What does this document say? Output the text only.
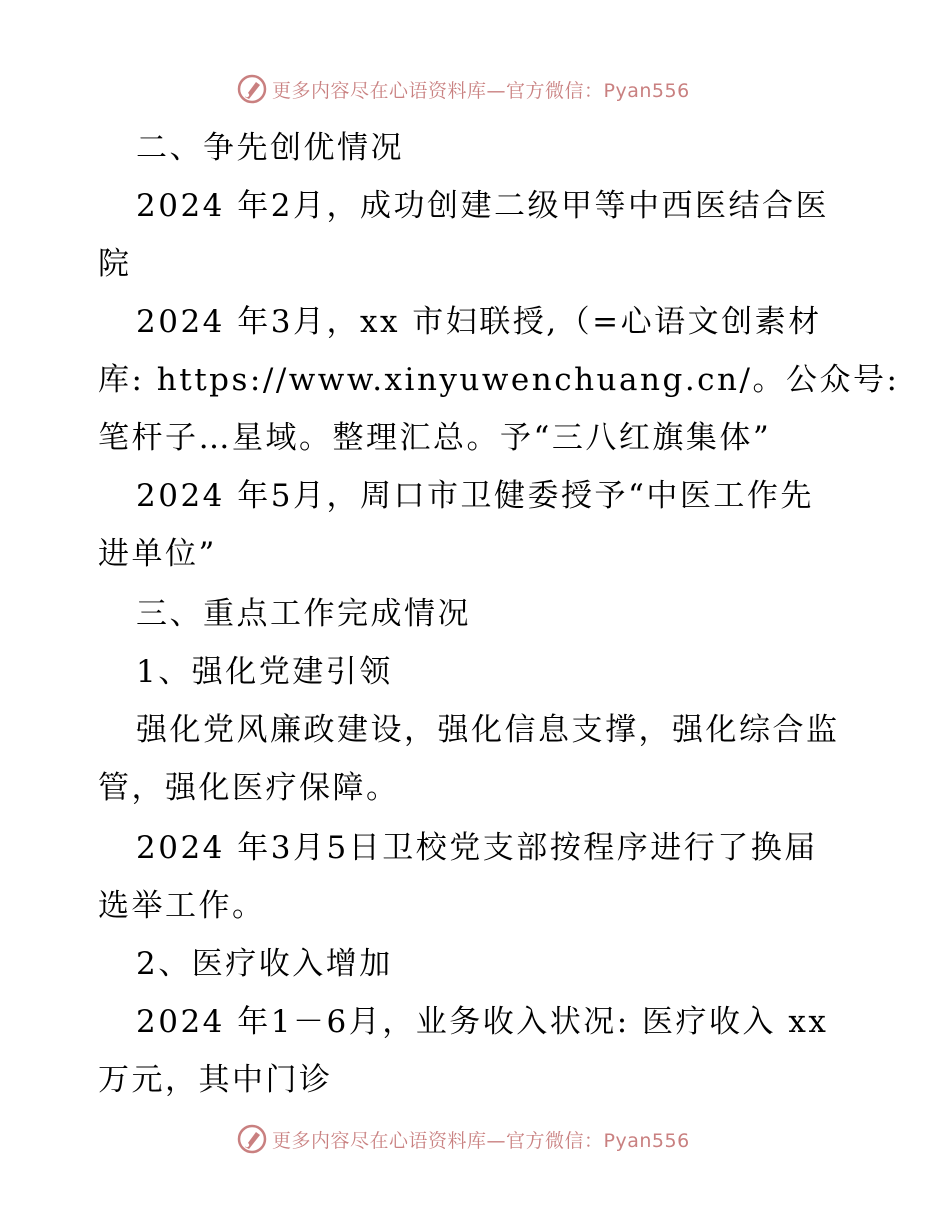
更多内容尽在心语资料库—官方微信：Pyan556
二、争先创优情况
2024 年2月，成功创建二级甲等中西医结合医
院
2024 年3月，xx 市妇联授,（=心语文创素材
库: https://www.xinyuwenchuang.cn/。公众号:
笔杆子…星域。整理汇总。予“三八红旗集体”
2024 年5月，周口市卫健委授予“中医工作先
进单位”
三、重点工作完成情况
1、强化党建引领
强化党风廉政建设，强化信息支撑，强化综合监
管，强化医疗保障。
2024 年3月5日卫校党支部按程序进行了换届
选举工作。
2、医疗收入增加
2024 年1－6月，业务收入状况: 医疗收入 xx
万元，其中门诊
更多内容尽在心语资料库—官方微信：Pyan556
